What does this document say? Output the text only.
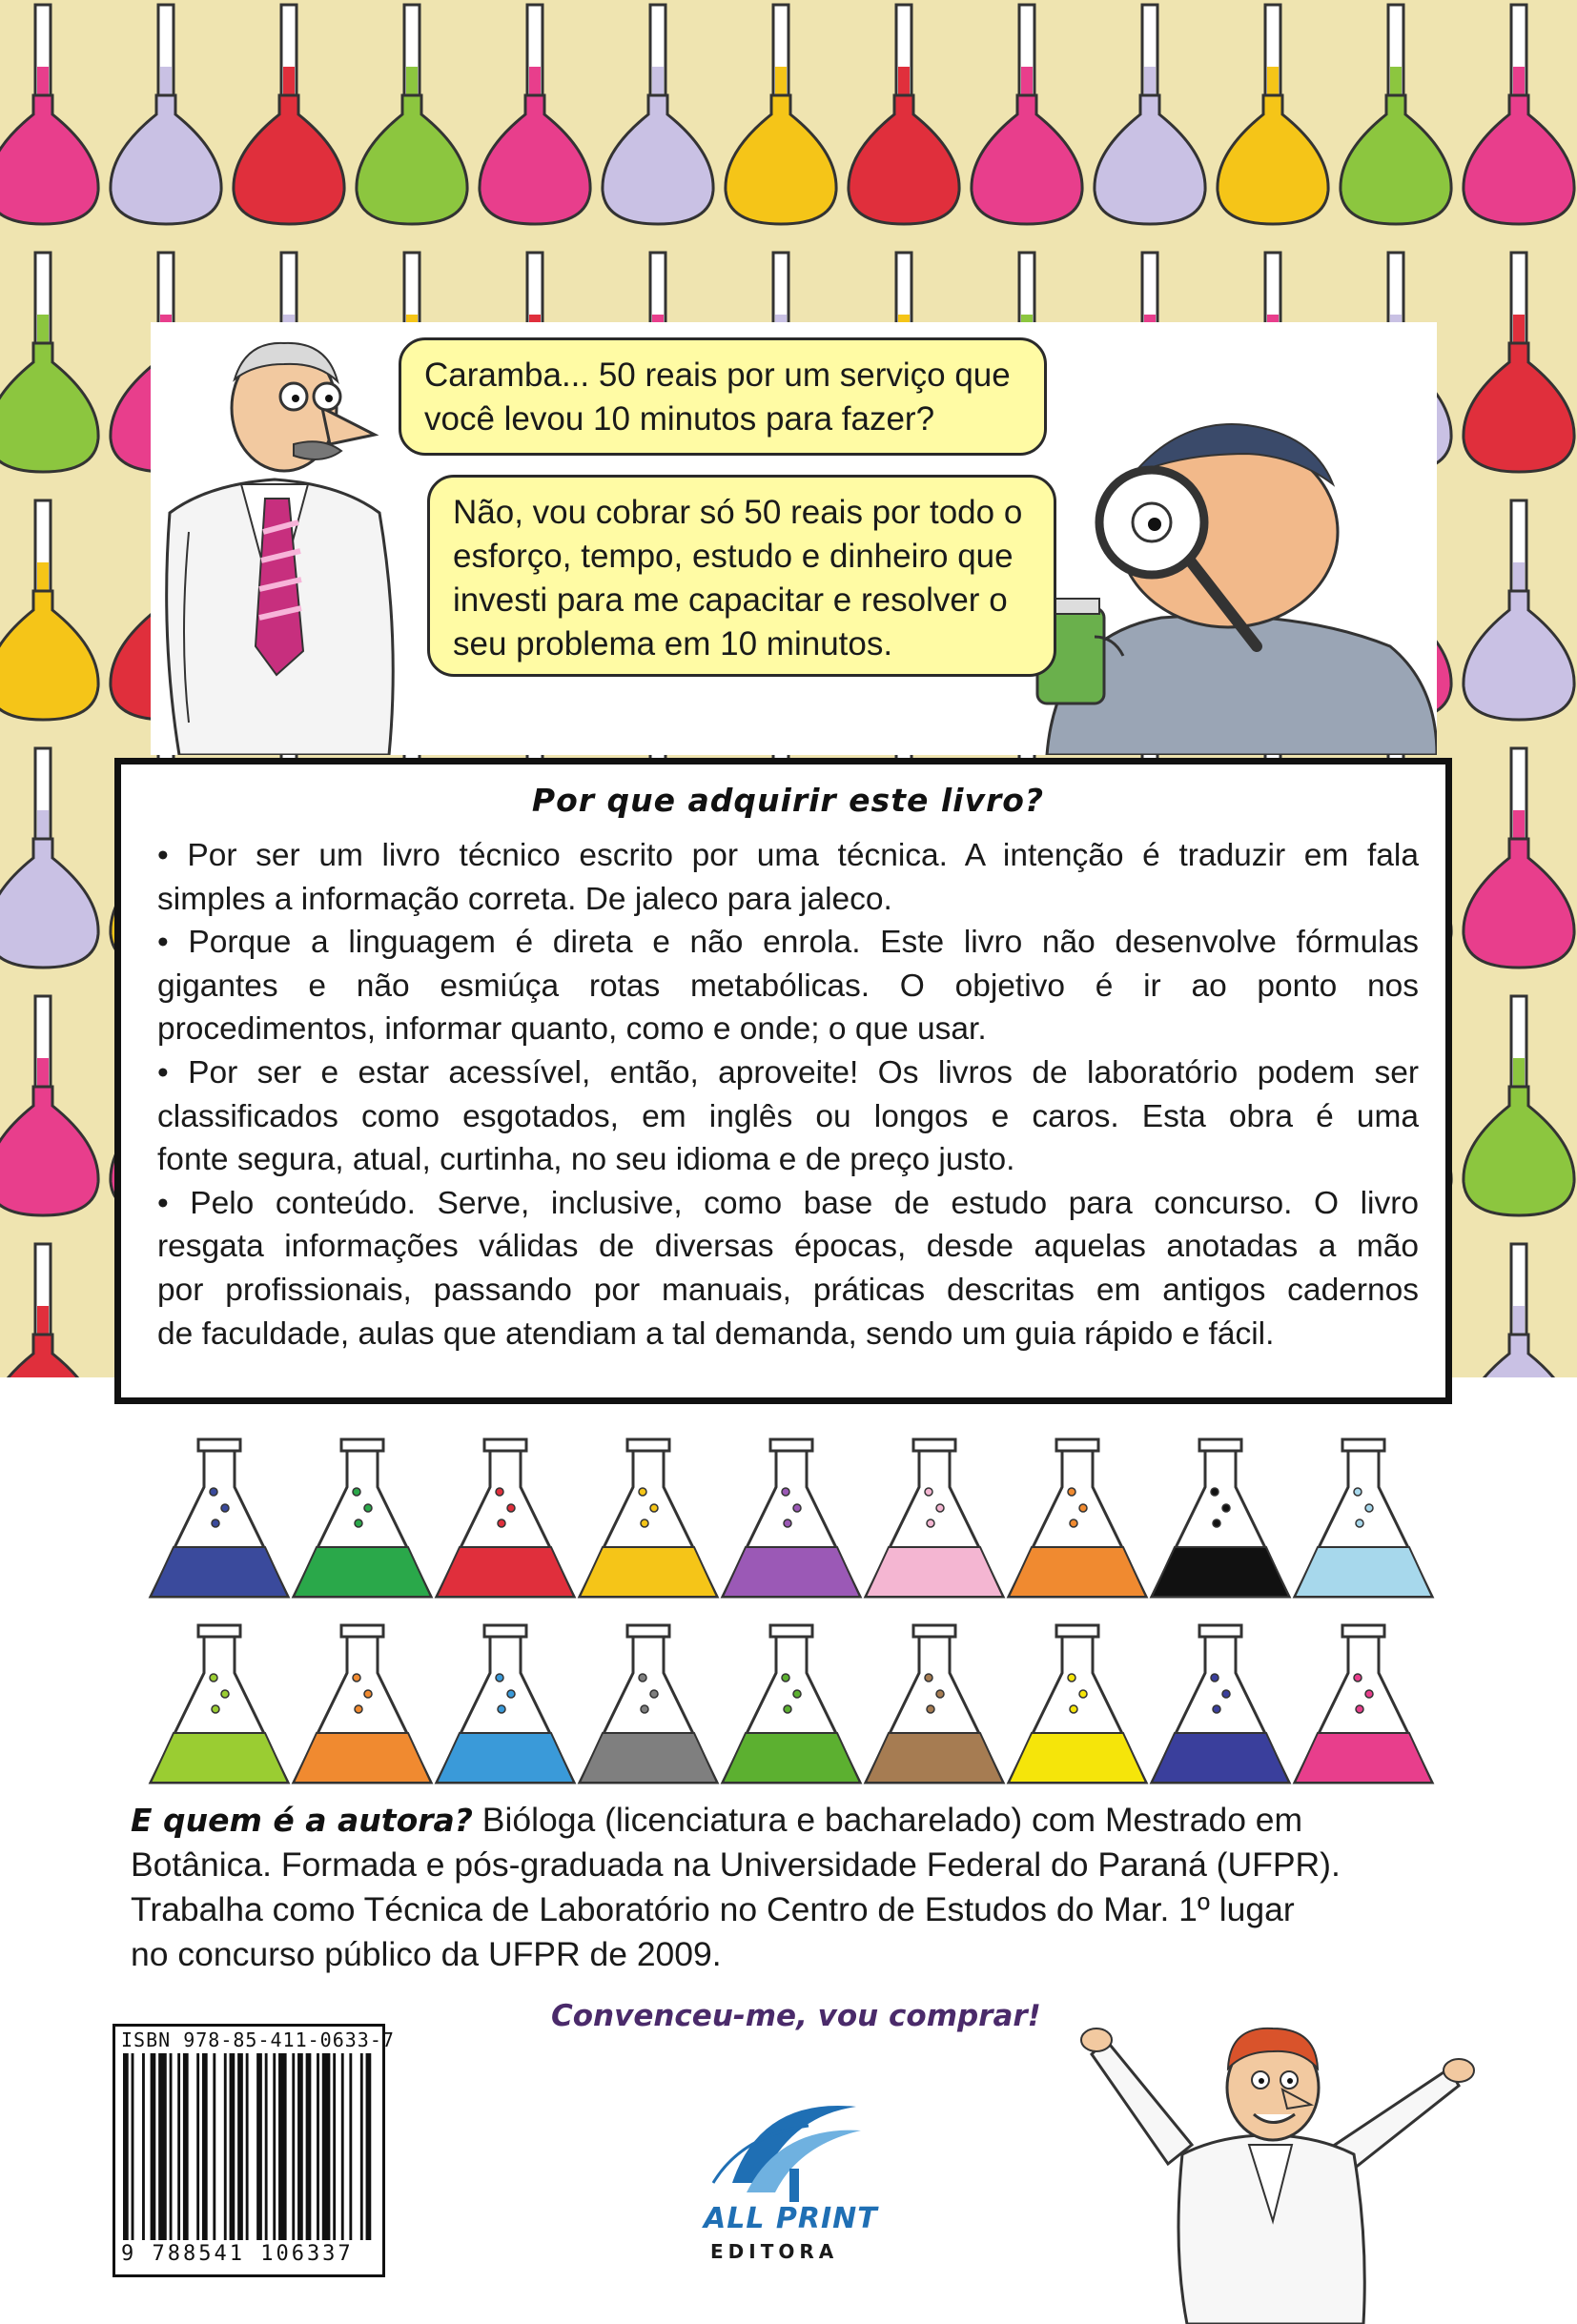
Caramba... 50 reais por um serviço que
você levou 10 minutos para fazer?
Não, vou cobrar só 50 reais por todo o
esforço, tempo, estudo e dinheiro que
investi para me capacitar e resolver o
seu problema em 10 minutos.
Por que adquirir este livro?
• Por ser um livro técnico escrito por uma técnica. A intenção é traduzir em fala
simples a informação correta. De jaleco para jaleco.
• Porque a linguagem é direta e não enrola. Este livro não desenvolve fórmulas
gigantes e não esmiúça rotas metabólicas. O objetivo é ir ao ponto nos
procedimentos, informar quanto, como e onde; o que usar.
• Por ser e estar acessível, então, aproveite! Os livros de laboratório podem ser
classificados como esgotados, em inglês ou longos e caros. Esta obra é uma
fonte segura, atual, curtinha, no seu idioma e de preço justo.
• Pelo conteúdo. Serve, inclusive, como base de estudo para concurso. O livro
resgata informações válidas de diversas épocas, desde aquelas anotadas a mão
por profissionais, passando por manuais, práticas descritas em antigos cadernos
de faculdade, aulas que atendiam a tal demanda, sendo um guia rápido e fácil.
E quem é a autora? Bióloga (licenciatura e bacharelado) com Mestrado em
Botânica. Formada e pós-graduada na Universidade Federal do Paraná (UFPR).
Trabalha como Técnica de Laboratório no Centro de Estudos do Mar. 1º lugar
no concurso público da UFPR de 2009.
Convenceu-me, vou comprar!
ISBN 978-85-411-0633-7
9 788541 106337
ALL PRINT
EDITORA
